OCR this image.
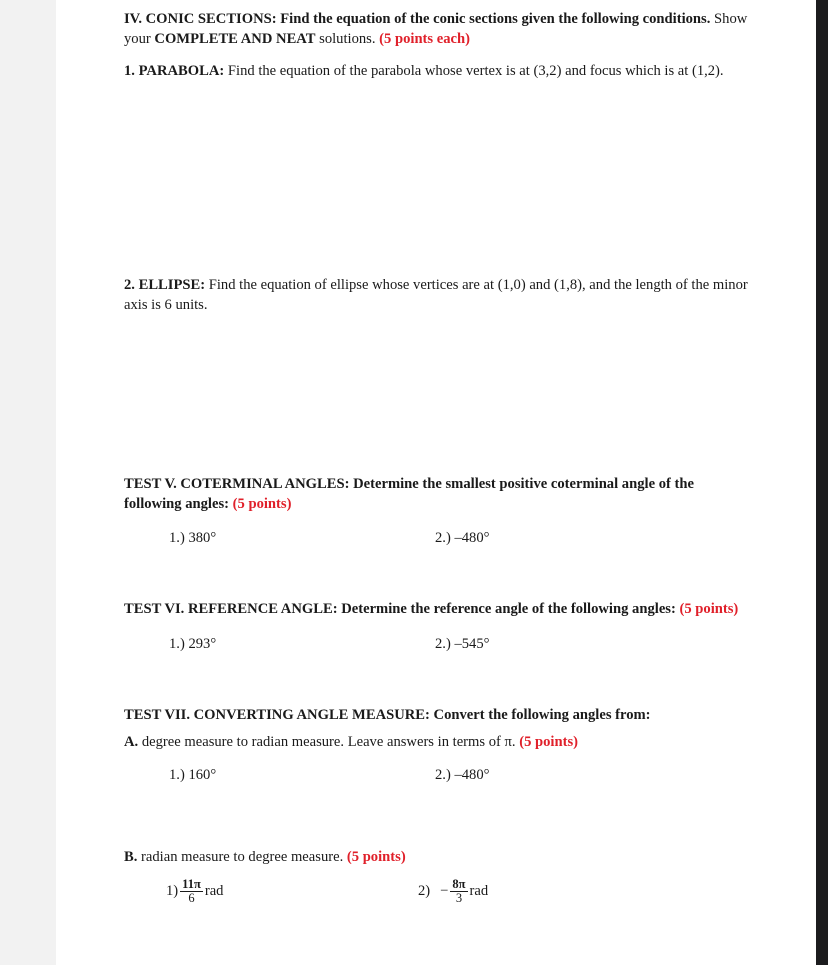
IV. CONIC SECTIONS: Find the equation of the conic sections given the following conditions. Show your COMPLETE AND NEAT solutions. (5 points each)
1. PARABOLA: Find the equation of the parabola whose vertex is at (3,2) and focus which is at (1,2).
2. ELLIPSE: Find the equation of ellipse whose vertices are at (1,0) and (1,8), and the length of the minor axis is 6 units.
TEST V. COTERMINAL ANGLES: Determine the smallest positive coterminal angle of the following angles: (5 points)
1.) 380°	2.) –480°
TEST VI. REFERENCE ANGLE: Determine the reference angle of the following angles: (5 points)
1.) 293°	2.) –545°
TEST VII. CONVERTING ANGLE MEASURE: Convert the following angles from:
A. degree measure to radian measure. Leave answers in terms of π. (5 points)
1.) 160°	2.) –480°
B. radian measure to degree measure. (5 points)
$1) \frac{11\pi}{6}$ rad	$2) - \frac{8\pi}{3}$ rad
